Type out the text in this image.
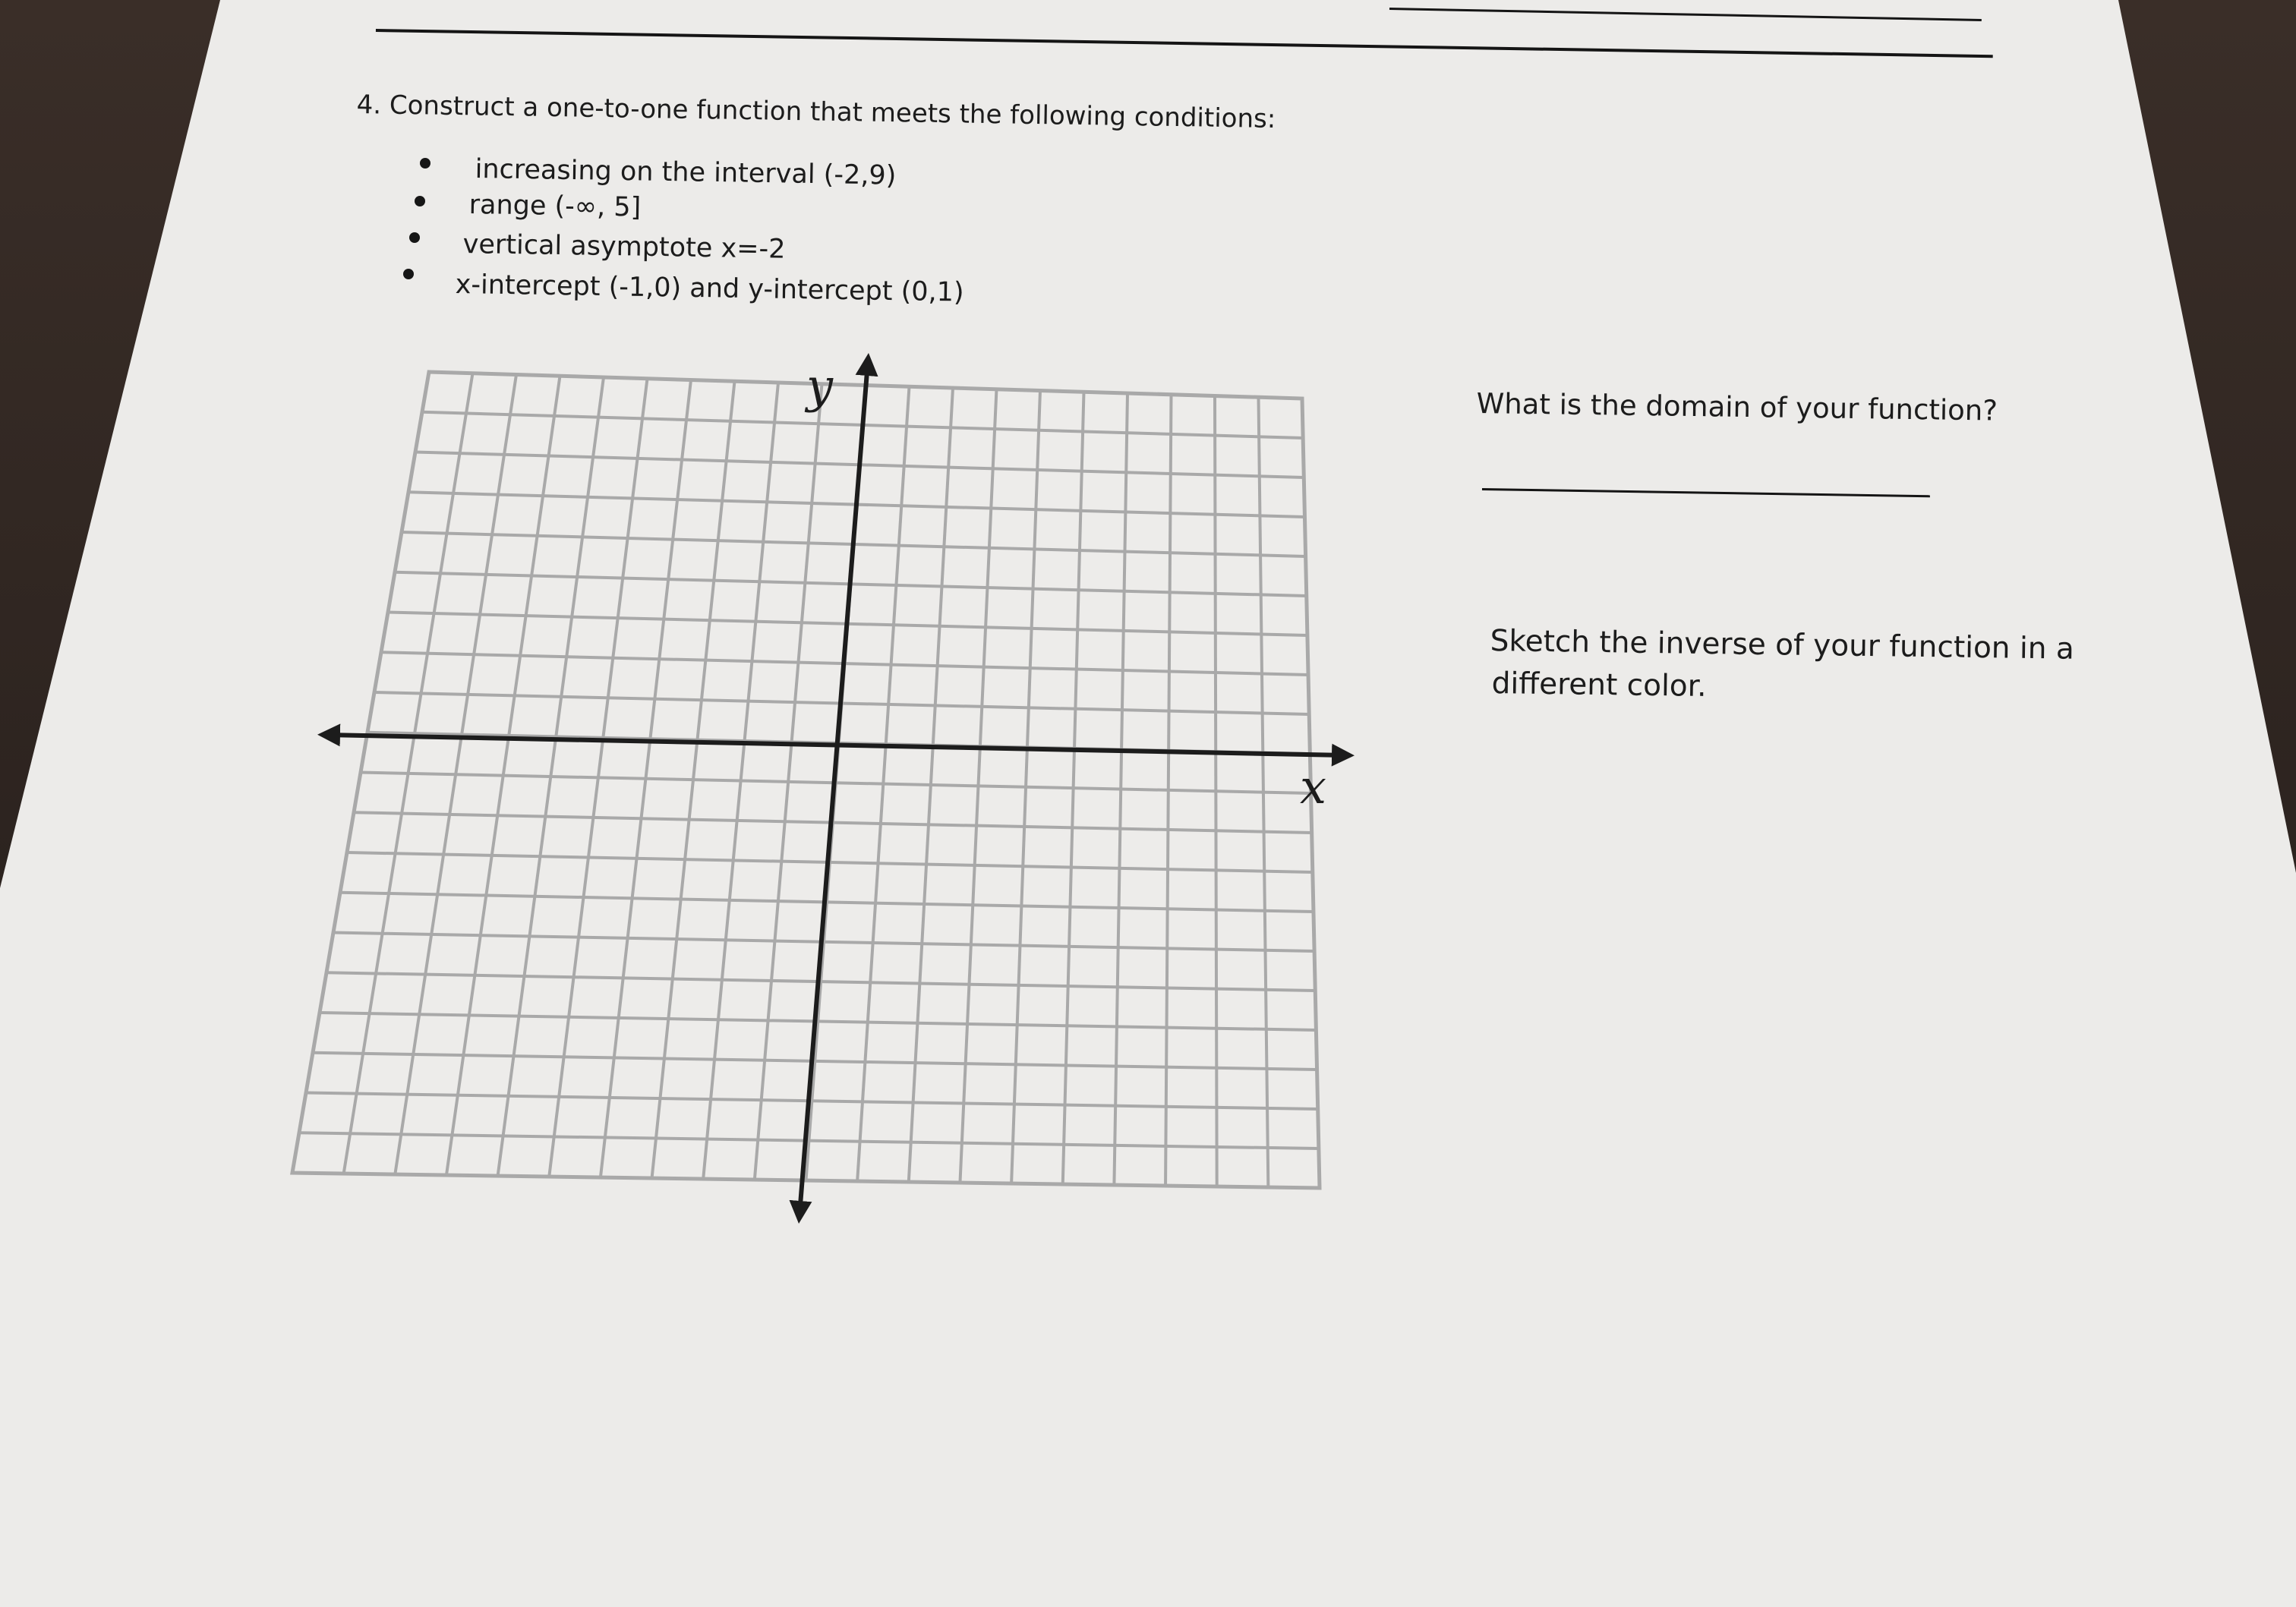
4. Construct a one-to-one function that meets the following conditions:
increasing on the interval (-2,9)
range (-∞, 5]
vertical asymptote x=-2
x-intercept (-1,0) and y-intercept (0,1)
x
y	What is the domain of your function?
Sketch the inverse of your function in a
different color.
